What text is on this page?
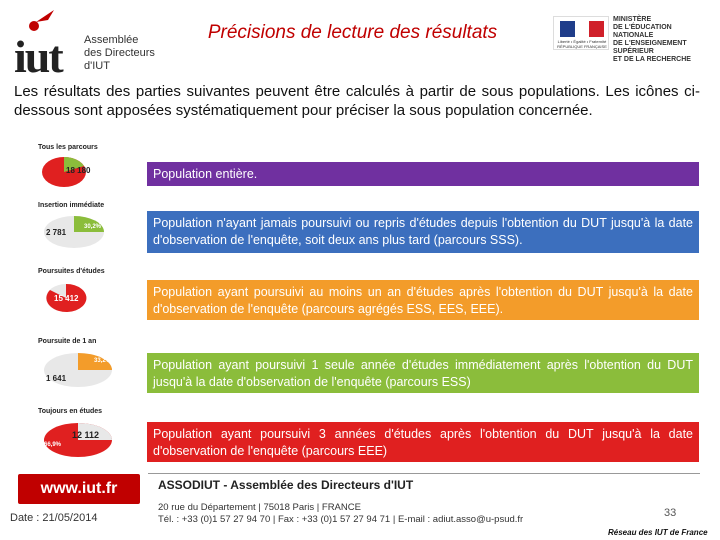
iut Assemblée
des Directeurs
d'IUT
Précisions de lecture des résultats	Liberté • Égalité • Fraternité RÉPUBLIQUE FRANÇAISE
MINISTÈRE
DE L'ÉDUCATION NATIONALE
DE L'ENSEIGNEMENT SUPÉRIEUR
ET DE LA RECHERCHE

Les résultats des parties suivantes peuvent être calculés à partir de sous populations. Les icônes ci-dessous sont apposées systématiquement pour préciser la sous population concernée.

Tous les parcours
18 180	Population entière.
Insertion immédiate
2 781
30,2%	Population n'ayant jamais poursuivi ou repris d'études depuis l'obtention du DUT jusqu'à la date d'observation de l'enquête, soit deux ans plus tard (parcours SSS).
Poursuites d'études
15 412	Population ayant poursuivi au moins un an d'études après l'obtention du DUT jusqu'à la date d'observation de l'enquête (parcours agrégés ESS, EES, EEE).
Poursuite de 1 an
1 641
33,2%	Population ayant poursuivi 1 seule année d'études immédiatement après l'obtention du DUT jusqu'à la date d'observation de l'enquête (parcours ESS)
Toujours en études
12 112
66,9%
Population ayant poursuivi 3 années d'études après l'obtention du DUT jusqu'à la date d'observation de l'enquête (parcours EEE)
www.iut.fr	ASSODIUT - Assemblée des Directeurs d'IUT
Date : 21/05/2014
20 rue du Département | 75018 Paris | FRANCE
Tél. : +33 (0)1 57 27 94 70 | Fax : +33 (0)1 57 27 94 71 | E-mail : adiut.asso@u-psud.fr
33
Réseau des IUT de France
